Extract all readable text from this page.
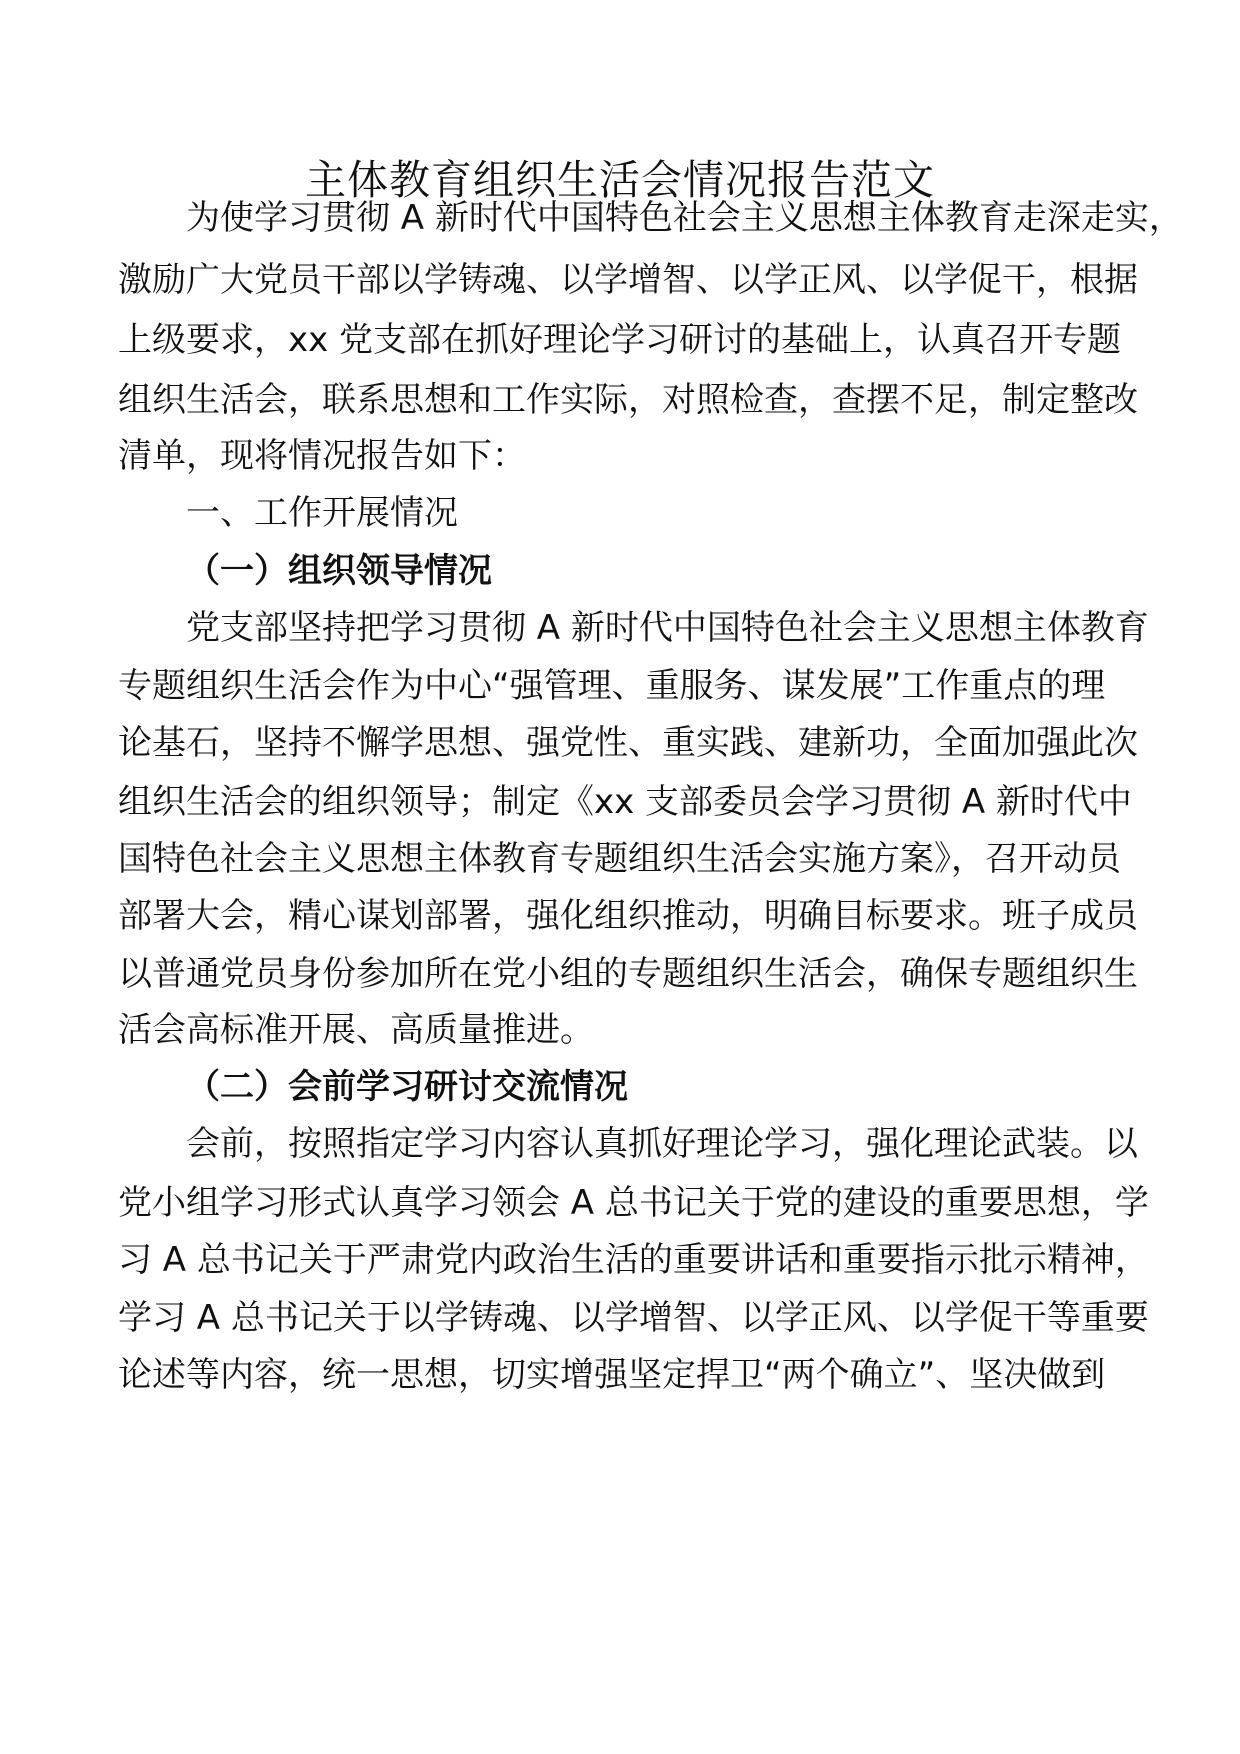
主体教育组织生活会情况报告范文
为使学习贯彻 A 新时代中国特色社会主义思想主体教育走深走实，
激励广大党员干部以学铸魂、以学增智、以学正风、以学促干，根据
上级要求，xx 党支部在抓好理论学习研讨的基础上，认真召开专题
组织生活会，联系思想和工作实际，对照检查，查摆不足，制定整改
清单，现将情况报告如下：
一、工作开展情况
（一）组织领导情况
党支部坚持把学习贯彻 A 新时代中国特色社会主义思想主体教育
专题组织生活会作为中心“强管理、重服务、谋发展”工作重点的理
论基石，坚持不懈学思想、强党性、重实践、建新功，全面加强此次
组织生活会的组织领导；制定《xx 支部委员会学习贯彻 A 新时代中
国特色社会主义思想主体教育专题组织生活会实施方案》，召开动员
部署大会，精心谋划部署，强化组织推动，明确目标要求。班子成员
以普通党员身份参加所在党小组的专题组织生活会，确保专题组织生
活会高标准开展、高质量推进。
（二）会前学习研讨交流情况
会前，按照指定学习内容认真抓好理论学习，强化理论武装。以
党小组学习形式认真学习领会 A 总书记关于党的建设的重要思想，学
习 A 总书记关于严肃党内政治生活的重要讲话和重要指示批示精神，
学习 A 总书记关于以学铸魂、以学增智、以学正风、以学促干等重要
论述等内容，统一思想，切实增强坚定捍卫“两个确立”、坚决做到
